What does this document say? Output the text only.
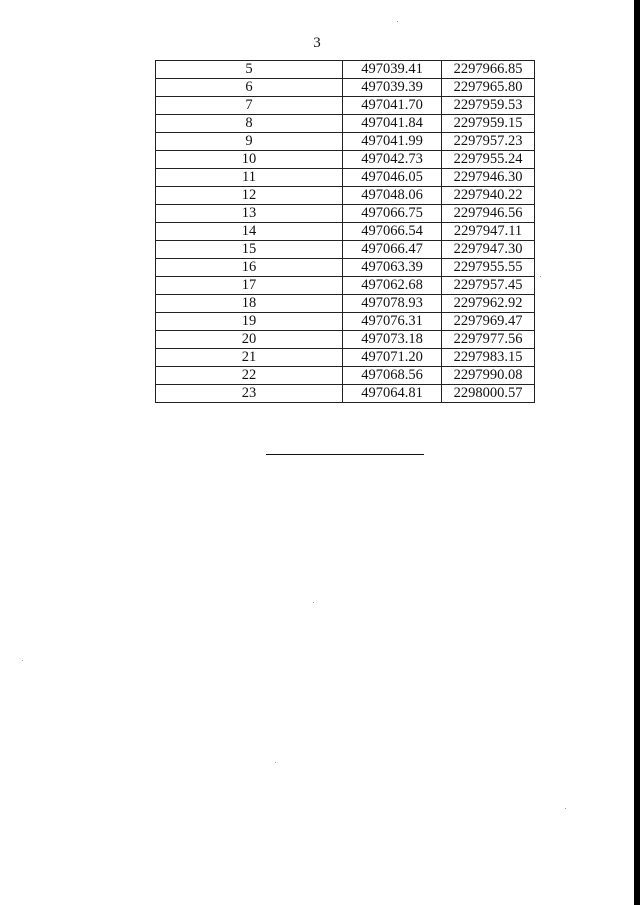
3
5	497039.41	2297966.85
6	497039.39	2297965.80
7	497041.70	2297959.53
8	497041.84	2297959.15
9	497041.99	2297957.23
10	497042.73	2297955.24
11	497046.05	2297946.30
12	497048.06	2297940.22
13	497066.75	2297946.56
14	497066.54	2297947.11
15	497066.47	2297947.30
16	497063.39	2297955.55
17	497062.68	2297957.45
18	497078.93	2297962.92
19	497076.31	2297969.47
20	497073.18	2297977.56
21	497071.20	2297983.15
22	497068.56	2297990.08
23	497064.81	2298000.57
